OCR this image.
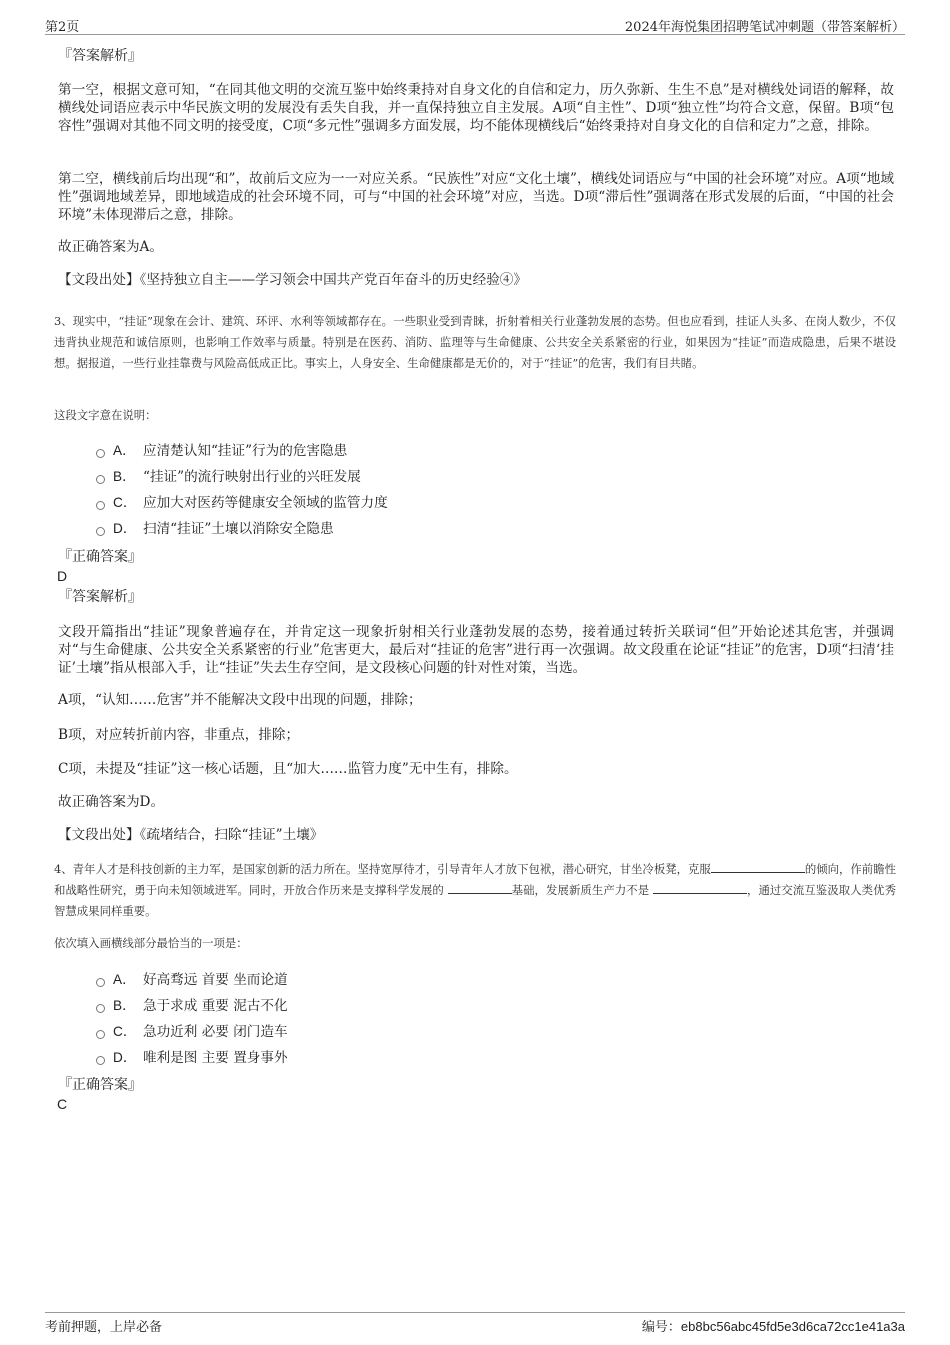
第2页	2024年海悦集团招聘笔试冲刺题（带答案解析）
『答案解析』
第一空，根据文意可知，“在同其他文明的交流互鉴中始终秉持对自身文化的自信和定力，历久弥新、生生不息”是对横线处词语的解释，故横线处词语应表示中华民族文明的发展没有丢失自我，并一直保持独立自主发展。A项“自主性”、D项“独立性”均符合文意，保留。B项“包容性”强调对其他不同文明的接受度，C项“多元性”强调多方面发展，均不能体现横线后“始终秉持对自身文化的自信和定力”之意，排除。
第二空，横线前后均出现“和”，故前后文应为一一对应关系。“民族性”对应“文化土壤”，横线处词语应与“中国的社会环境”对应。A项“地域性”强调地域差异，即地域造成的社会环境不同，可与“中国的社会环境”对应，当选。D项“滞后性”强调落在形式发展的后面，“中国的社会环境”未体现滞后之意，排除。
故正确答案为A。
【文段出处】《坚持独立自主——学习领会中国共产党百年奋斗的历史经验④》
3、现实中，“挂证”现象在会计、建筑、环评、水利等领域都存在。一些职业受到青睐，折射着相关行业蓬勃发展的态势。但也应看到，挂证人头多、在岗人数少，不仅违背执业规范和诚信原则，也影响工作效率与质量。特别是在医药、消防、监理等与生命健康、公共安全关系紧密的行业，如果因为“挂证”而造成隐患，后果不堪设想。据报道，一些行业挂靠费与风险高低成正比。事实上，人身安全、生命健康都是无价的，对于“挂证”的危害，我们有目共睹。
这段文字意在说明：
A． 应清楚认知“挂证”行为的危害隐患
B． “挂证”的流行映射出行业的兴旺发展
C． 应加大对医药等健康安全领域的监管力度
D． 扫清“挂证”土壤以消除安全隐患
『正确答案』
D
『答案解析』
文段开篇指出“挂证”现象普遍存在，并肯定这一现象折射相关行业蓬勃发展的态势，接着通过转折关联词“但”开始论述其危害，并强调对“与生命健康、公共安全关系紧密的行业”危害更大，最后对“挂证的危害”进行再一次强调。故文段重在论证“挂证”的危害，D项“扫清‘挂证’土壤”指从根部入手，让“挂证”失去生存空间，是文段核心问题的针对性对策，当选。
A项，“认知……危害”并不能解决文段中出现的问题，排除；
B项，对应转折前内容，非重点，排除；
C项，未提及“挂证”这一核心话题，且“加大……监管力度”无中生有，排除。
故正确答案为D。
【文段出处】《疏堵结合，扫除“挂证”土壤》
4、青年人才是科技创新的主力军，是国家创新的活力所在。坚持宽厚待才，引导青年人才放下包袱，潜心研究，甘坐冷板凳，克服	的倾向，作前瞻性和战略性研究，勇于向未知领域进军。同时，开放合作历来是支撑科学发展的	基础，发展新质生产力不是	，通过交流互鉴汲取人类优秀智慧成果同样重要。
依次填入画横线部分最恰当的一项是：
A． 好高骛远 首要 坐而论道
B． 急于求成 重要 泥古不化
C． 急功近利 必要 闭门造车
D． 唯利是图 主要 置身事外
『正确答案』
C
考前押题，上岸必备	编号：eb8bc56abc45fd5e3d6ca72cc1e41a3a
